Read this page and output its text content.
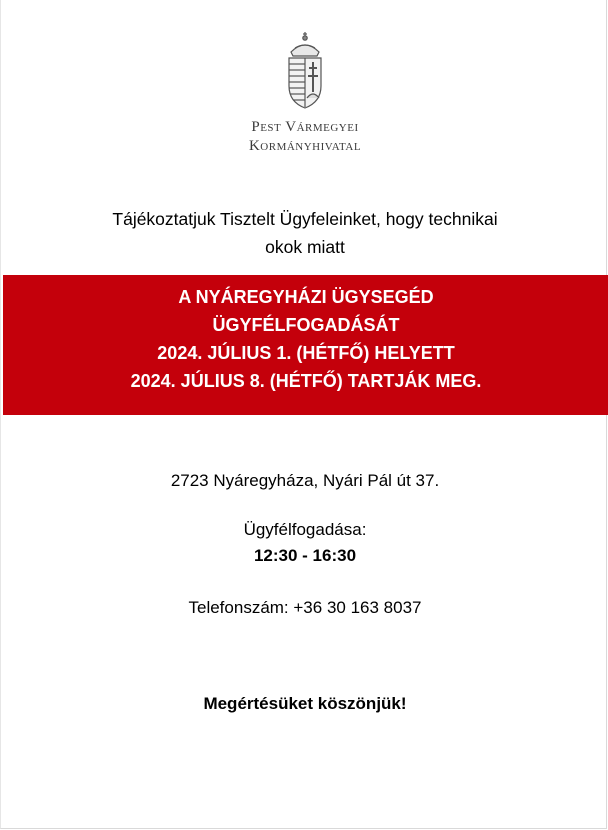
Pest Vármegyei
Kormányhivatal
Tájékoztatjuk Tisztelt Ügyfeleinket, hogy technikai
okok miatt
A NYÁREGYHÁZI ÜGYSEGÉD
ÜGYFÉLFOGADÁSÁT
2024. JÚLIUS 1. (HÉTFŐ) HELYETT
2024. JÚLIUS 8. (HÉTFŐ) TARTJÁK MEG.
2723 Nyáregyháza, Nyári Pál út 37.
Ügyfélfogadása:
12:30 - 16:30
Telefonszám: +36 30 163 8037
Megértésüket köszönjük!
